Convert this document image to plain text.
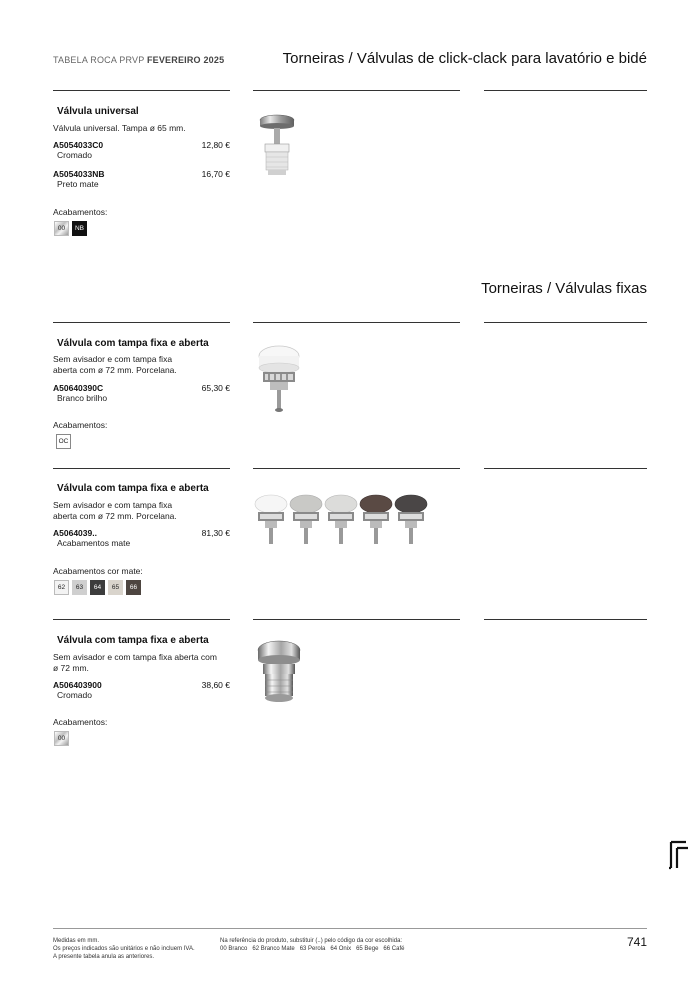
TABELA ROCA PRVP FEVEREIRO 2025	Torneiras / Válvulas de click-clack para lavatório e bidé
Válvula universal
Válvula universal. Tampa ø 65 mm.
A5054033C0	12,80 €
Cromado
A5054033NB	16,70 €
Preto mate
Acabamentos:
00	NB
Torneiras / Válvulas fixas
Válvula com tampa fixa e aberta
Sem avisador e com tampa fixa
aberta com ø 72 mm. Porcelana.
A50640390C	65,30 €
Branco brilho
Acabamentos:
OC
Válvula com tampa fixa e aberta
Sem avisador e com tampa fixa
aberta com ø 72 mm. Porcelana.
A5064039..	81,30 €
Acabamentos mate
Acabamentos cor mate:
62	63	64	65	66
Válvula com tampa fixa e aberta
Sem avisador e com tampa fixa aberta com
ø 72 mm.
A506403900	38,60 €
Cromado
Acabamentos:
00
Medidas em mm.
Os preços indicados são unitários e não incluem IVA.
A presente tabela anula as anteriores.
Na referência do produto, substituir (..) pelo código da cor escolhida:
00 Branco   62 Branco Mate   63 Perola   64 Onix   65 Bege   66 Café	741
